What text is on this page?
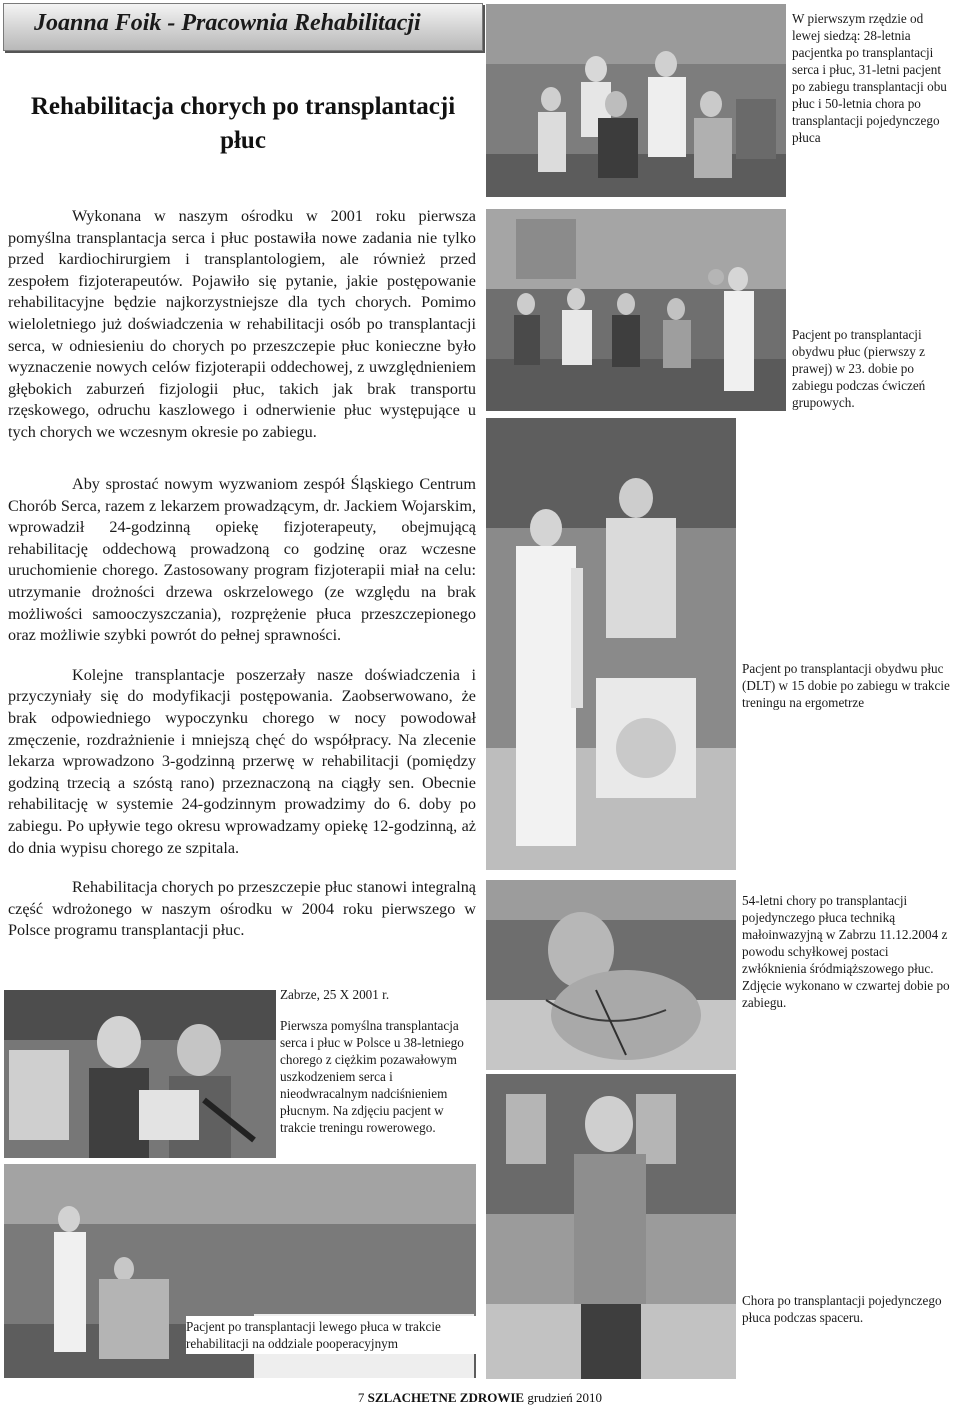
Joanna Foik - Pracownia Rehabilitacji
Rehabilitacja chorych po transplantacji płuc
W pierwszym rzędzie od lewej siedzą: 28-letnia pacjentka po transplantacji serca i płuc, 31-letni pacjent po zabiegu transplantacji obu płuc i 50-letnia chora po transplantacji pojedynczego płuca

Wykonana w naszym ośrodku w 2001 roku pierwsza pomyślna transplantacja serca i płuc postawiła nowe zadania nie tylko przed kardiochirurgiem i transplantologiem, ale również przed zespołem fizjoterapeutów. Pojawiło się pytanie, jakie postępowanie rehabilitacyjne będzie najkorzystniejsze dla tych chorych. Pomimo wieloletniego już doświadczenia w rehabilitacji osób po transplantacji serca, w odniesieniu do chorych po przeszczepie płuc konieczne było wyznaczenie nowych celów fizjoterapii oddechowej, z uwzględnieniem głębokich zaburzeń fizjologii płuc, takich jak brak transportu rzęskowego, odruchu kaszlowego i odnerwienie płuc występujące u tych chorych we wczesnym okresie po zabiegu.

Pacjent po transplantacji obydwu płuc (pierwszy z prawej) w 23. dobie po zabiegu podczas ćwiczeń grupowych.

Aby sprostać nowym wyzwaniom zespół Śląskiego Centrum Chorób Serca, razem z lekarzem prowadzącym, dr. Jackiem Wojarskim, wprowadził 24-godzinną opiekę fizjoterapeuty, obejmującą rehabilitację oddechową prowadzoną co godzinę oraz wczesne uruchomienie chorego. Zastosowany program fizjoterapii miał na celu: utrzymanie drożności drzewa oskrzelowego (ze względu na brak możliwości samooczyszczania), rozprężenie płuca przeszczepionego oraz możliwie szybki powrót do pełnej sprawności.

Kolejne transplantacje poszerzały nasze doświadczenia i przyczyniały się do modyfikacji postępowania. Zaobserwowano, że brak odpowiedniego wypoczynku chorego w nocy powodował zmęczenie, rozdrażnienie i mniejszą chęć do współpracy. Na zlecenie lekarza wprowadzono 3-godzinną przerwę w rehabilitacji (pomiędzy godziną trzecią a szóstą rano) przeznaczoną na ciągły sen. Obecnie rehabilitację w systemie 24-godzinnym prowadzimy do 6. doby po zabiegu. Po upływie tego okresu wprowadzamy opiekę 12-godzinną, aż do dnia wypisu chorego ze szpitala.

Rehabilitacja chorych po przeszczepie płuc stanowi integralną część wdrożonego w naszym ośrodku w 2004 roku pierwszego w Polsce programu transplantacji płuc.

Pacjent po transplantacji obydwu płuc (DLT) w 15 dobie po zabiegu w trakcie treningu na ergometrze
54-letni chory po transplantacji pojedynczego płuca techniką małoinwazyjną w Zabrzu 11.12.2004 z powodu schyłkowej postaci zwłóknienia śródmiąższowego płuc. Zdjęcie wykonano w czwartej dobie po zabiegu.

Zabrze, 25 X 2001 r.

Pierwsza pomyślna transplantacja serca i płuc w Polsce u 38-letniego chorego z ciężkim pozawałowym uszkodzeniem serca i nieodwracalnym nadciśnieniem płucnym. Na zdjęciu pacjent w trakcie treningu rowerowego.

Pacjent po transplantacji lewego płuca w trakcie rehabilitacji na oddziale pooperacyjnym
Chora po transplantacji pojedynczego płuca podczas spaceru.
7 SZLACHETNE ZDROWIE grudzień 2010
